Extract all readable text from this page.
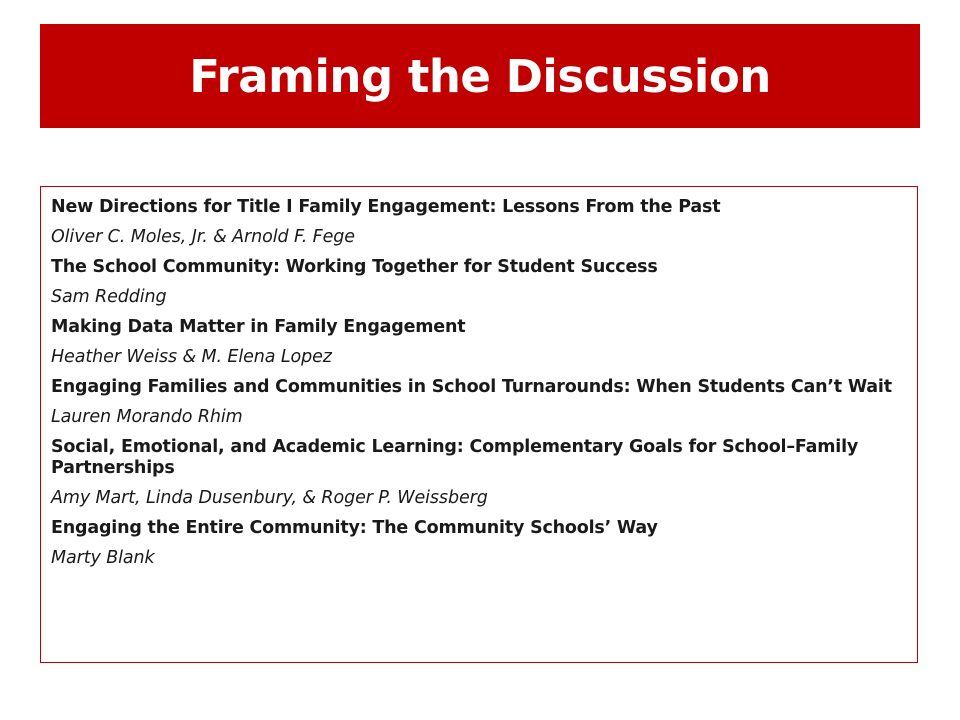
Framing the Discussion
New Directions for Title I Family Engagement: Lessons From the Past
Oliver C. Moles, Jr. & Arnold F. Fege
The School Community: Working Together for Student Success
Sam Redding
Making Data Matter in Family Engagement
Heather Weiss & M. Elena Lopez
Engaging Families and Communities in School Turnarounds: When Students Can’t Wait
Lauren Morando Rhim
Social, Emotional, and Academic Learning: Complementary Goals for School–Family Partnerships
Amy Mart, Linda Dusenbury, & Roger P. Weissberg
Engaging the Entire Community: The Community Schools’ Way
Marty Blank
